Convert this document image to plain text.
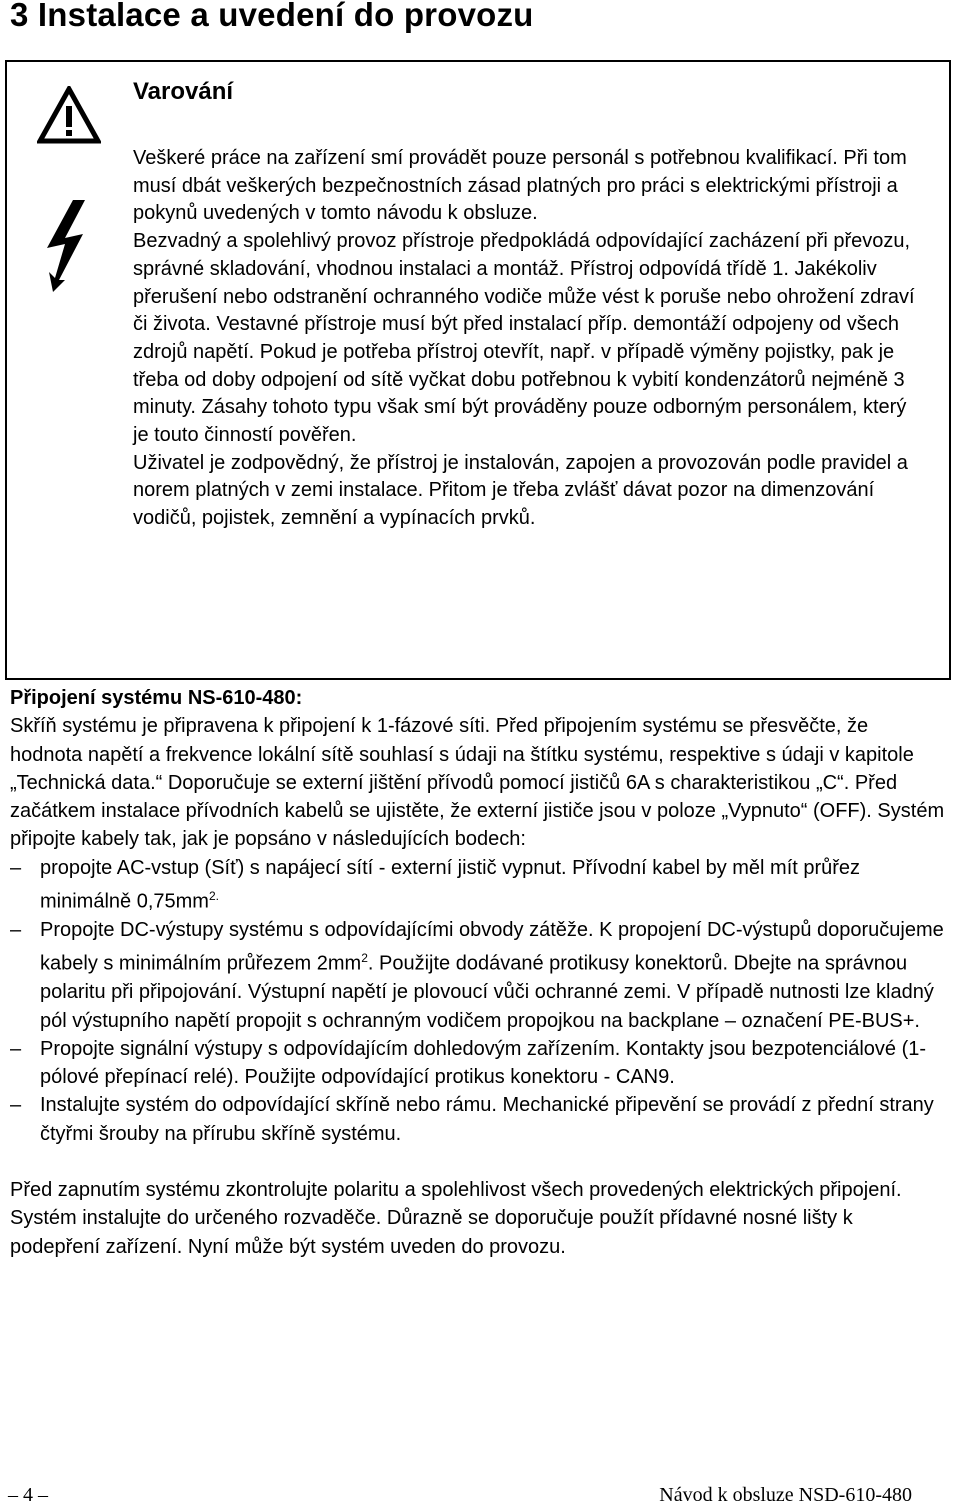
3 Instalace a uvedení do provozu
Varování

Veškeré práce na zařízení smí provádět pouze personál s potřebnou kvalifikací. Při tom musí dbát veškerých bezpečnostních zásad platných pro práci s elektrickými přístroji a pokynů uvedených v tomto návodu k obsluze.

Bezvadný a spolehlivý provoz přístroje předpokládá odpovídající zacházení při převozu, správné skladování, vhodnou instalaci a montáž. Přístroj odpovídá třídě 1. Jakékoliv přerušení nebo odstranění ochranného vodiče může vést k poruše nebo ohrožení zdraví či života. Vestavné přístroje musí být před instalací příp. demontáží odpojeny od všech zdrojů napětí. Pokud je potřeba přístroj otevřít, např. v případě výměny pojistky, pak je třeba od doby odpojení od sítě vyčkat dobu potřebnou k vybití kondenzátorů nejméně 3 minuty. Zásahy tohoto typu však smí být prováděny pouze odborným personálem, který je touto činností pověřen.

Uživatel je zodpovědný, že přístroj je instalován, zapojen a provozován podle pravidel a norem platných v zemi instalace. Přitom je třeba zvlášť dávat pozor na dimenzování vodičů, pojistek, zemnění a vypínacích prvků.

Připojení systému NS-610-480:

Skříň systému je připravena k připojení k 1-fázové síti. Před připojením systému se přesvěčte, že hodnota napětí a frekvence lokální sítě souhlasí s údaji na štítku systému, respektive s údaji v kapitole „Technická data.“ Doporučuje se externí jištění přívodů pomocí jističů 6A s charakteristikou „C“. Před začátkem instalace přívodních kabelů se ujistěte, že externí jističe jsou v poloze „Vypnuto“ (OFF). Systém připojte kabely tak, jak je popsáno v následujících bodech:

– propojte AC-vstup (Síť) s napájecí sítí - externí jistič vypnut. Přívodní kabel by měl mít průřez minimálně $0,75mm^{2.}$
– Propojte DC-výstupy systému s odpovídajícími obvody zátěže. K propojení DC-výstupů doporučujeme kabely s minimálním průřezem $2mm^2$. Použijte dodávané protikusy konektorů. Dbejte na správnou polaritu při připojování. Výstupní napětí je plovoucí vůči ochranné zemi. V případě nutnosti lze kladný pól výstupního napětí propojit s ochranným vodičem propojkou na backplane – označení PE-BUS+.
– Propojte signální výstupy s odpovídajícím dohledovým zařízením. Kontakty jsou bezpotenciálové (1-pólové přepínací relé). Použijte odpovídající protikus konektoru - CAN9.
– Instalujte systém do odpovídající skříně nebo rámu. Mechanické připevění se provádí z přední strany čtyřmi šrouby na přírubu skříně systému.

Před zapnutím systému zkontrolujte polaritu a spolehlivost všech provedených elektrických připojení. Systém instalujte do určeného rozvaděče. Důrazně se doporučuje použít přídavné nosné lišty k podepření zařízení. Nyní může být systém uveden do provozu.

– 4 –	Návod k obsluze NSD-610-480
